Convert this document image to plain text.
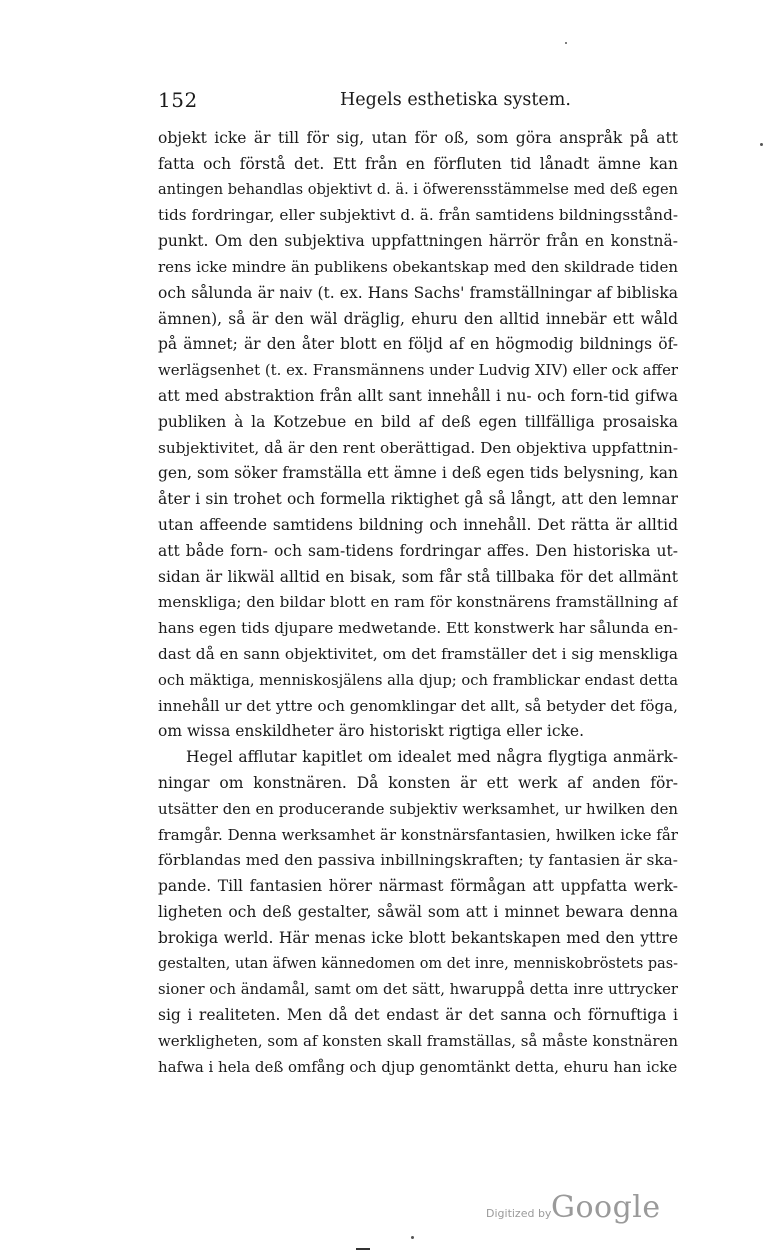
152	Hegels esthetiska system.

objekt icke är till för sig, utan för oß, som göra anspråk på att
fatta och förstå det. Ett från en förfluten tid lånadt ämne kan
antingen behandlas objektivt d. ä. i öfwerensstämmelse med deß egen
tids fordringar, eller subjektivt d. ä. från samtidens bildningsstånd-
punkt. Om den subjektiva uppfattningen härrör från en konstnä-
rens icke mindre än publikens obekantskap med den skildrade tiden
och sålunda är naiv (t. ex. Hans Sachs' framställningar af bibliska
ämnen), så är den wäl dräglig, ehuru den alltid innebär ett wåld
på ämnet; är den åter blott en följd af en högmodig bildnings öf-
werlägsenhet (t. ex. Fransmännens under Ludvig XIV) eller ock affer
att med abstraktion från allt sant innehåll i nu- och forn-tid gifwa
publiken à la Kotzebue en bild af deß egen tillfälliga prosaiska
subjektivitet, då är den rent oberättigad. Den objektiva uppfattnin-
gen, som söker framställa ett ämne i deß egen tids belysning, kan
åter i sin trohet och formella riktighet gå så långt, att den lemnar
utan affeende samtidens bildning och innehåll. Det rätta är alltid
att både forn- och sam-tidens fordringar affes. Den historiska ut-
sidan är likwäl alltid en bisak, som får stå tillbaka för det allmänt
menskliga; den bildar blott en ram för konstnärens framställning af
hans egen tids djupare medwetande. Ett konstwerk har sålunda en-
dast då en sann objektivitet, om det framställer det i sig menskliga
och mäktiga, menniskosjälens alla djup; och framblickar endast detta
innehåll ur det yttre och genomklingar det allt, så betyder det föga,
om wissa enskildheter äro historiskt rigtiga eller icke.

Hegel afflutar kapitlet om idealet med några flygtiga anmärk-
ningar om konstnären. Då konsten är ett werk af anden för-
utsätter den en producerande subjektiv werksamhet, ur hwilken den
framgår. Denna werksamhet är konstnärsfantasien, hwilken icke får
förblandas med den passiva inbillningskraften; ty fantasien är ska-
pande. Till fantasien hörer närmast förmågan att uppfatta werk-
ligheten och deß gestalter, såwäl som att i minnet bewara denna
brokiga werld. Här menas icke blott bekantskapen med den yttre
gestalten, utan äfwen kännedomen om det inre, menniskobröstets pas-
sioner och ändamål, samt om det sätt, hwaruppå detta inre uttrycker
sig i realiteten. Men då det endast är det sanna och förnuftiga i
werkligheten, som af konsten skall framställas, så måste konstnären
hafwa i hela deß omfång och djup genomtänkt detta, ehuru han icke

Digitized by Google
